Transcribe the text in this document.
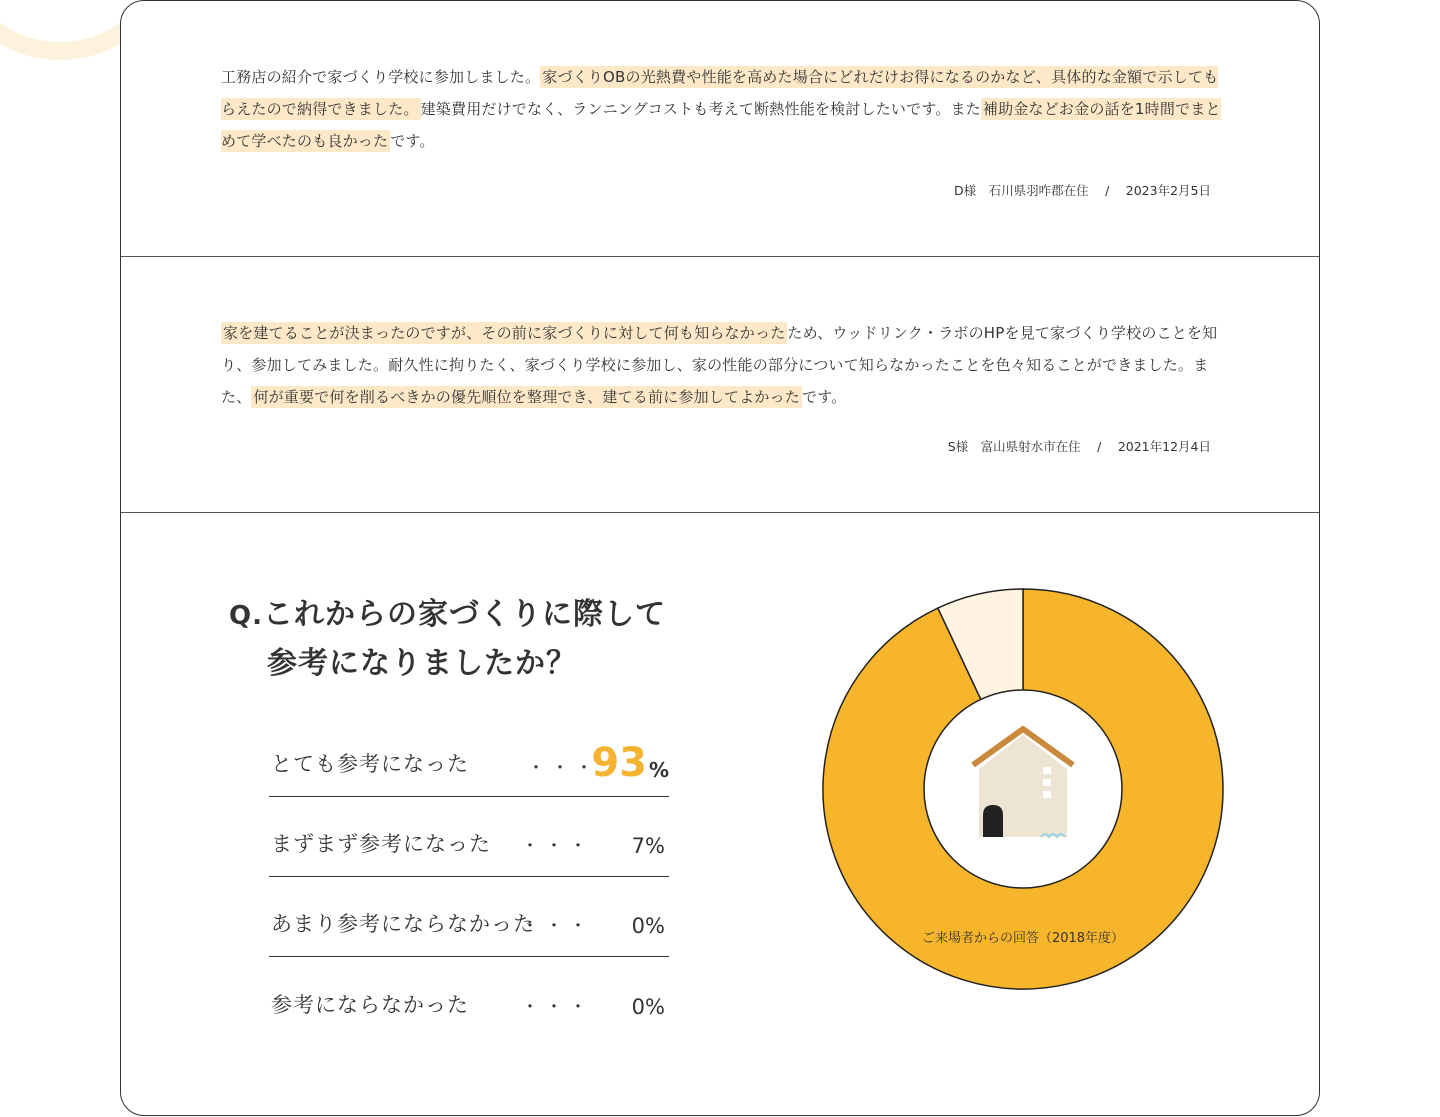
工務店の紹介で家づくり学校に参加しました。 家づくりOBの光熱費や性能を高めた場合にどれだけお得になるのかなど、具体的な金額で示してもらえたので納得できました。 建築費用だけでなく、ランニングコストも考えて断熱性能を検討したいです。また 補助金などお金の話を1時間でまとめて学べたのも良かった です。
D様　石川県羽咋郡在住　 / 　 2023年2月5日
家を建てることが決まったのですが、その前に家づくりに対して何も知らなかった ため、ウッドリンク・ラボのHPを見て家づくり学校のことを知り、参加してみました。耐久性に拘りたく、家づくり学校に参加し、家の性能の部分について知らなかったことを色々知ることができました。また、 何が重要で何を削るべきかの優先順位を整理でき、建てる前に参加してよかった です。
S様　富山県射水市在住　 / 　 2021年12月4日
Q.これからの家づくりに際して
参考になりましたか？
とても参考になった	・・・
93 %
まずまず参考になった ・・・ 7%
あまり参考にならなかった
・・・ 0%
参考にならなかった	・・・ 0%
ご来場者からの回答（2018年度）
